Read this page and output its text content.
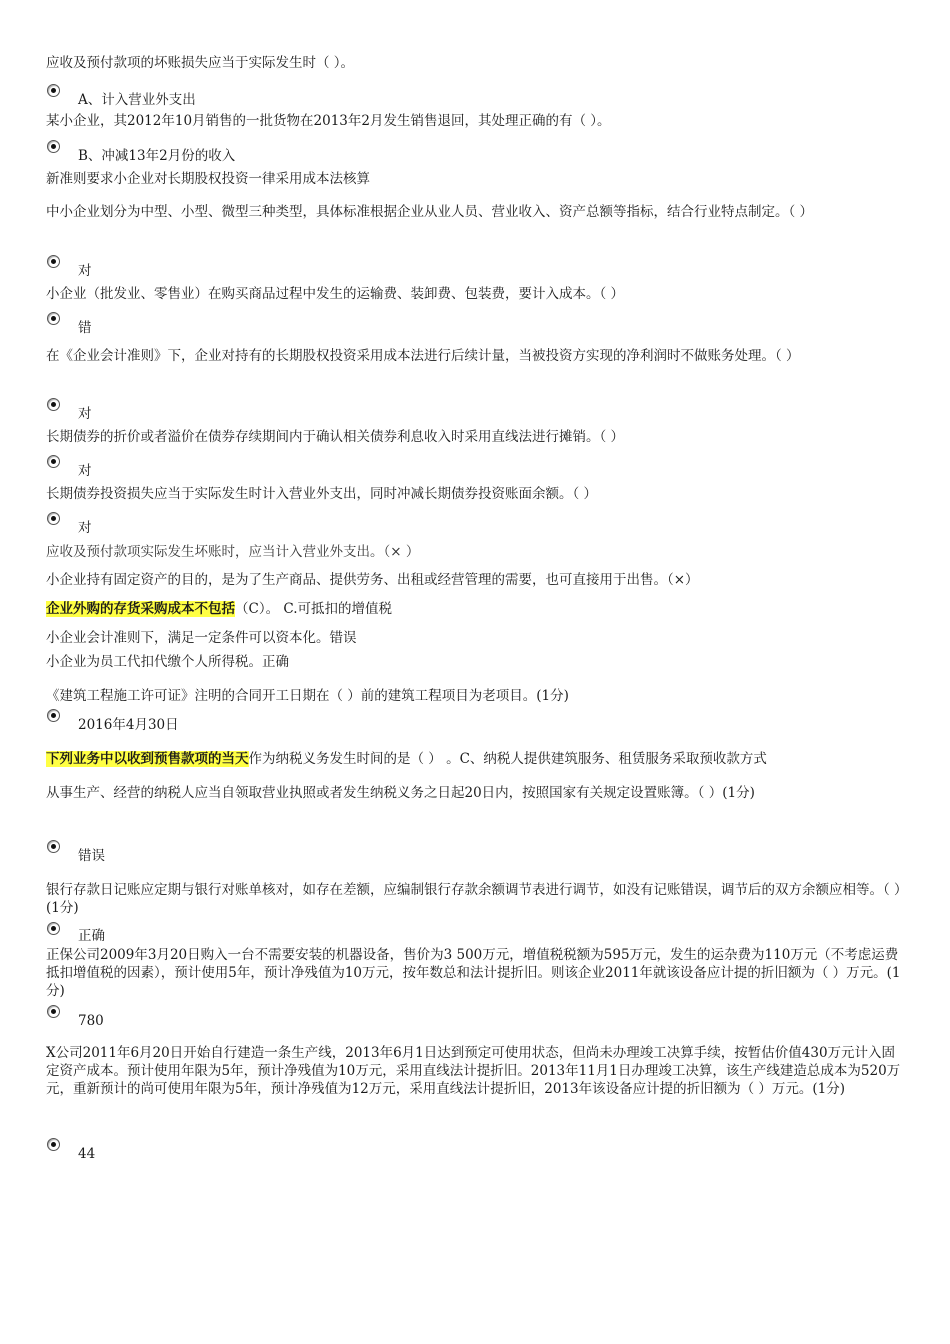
应收及预付款项的坏账损失应当于实际发生时（ ）。
A、计入营业外支出
某小企业，其2012年10月销售的一批货物在2013年2月发生销售退回，其处理正确的有（ ）。
B、冲减13年2月份的收入
新准则要求小企业对长期股权投资一律采用成本法核算
中小企业划分为中型、小型、微型三种类型，具体标准根据企业从业人员、营业收入、资产总额等指标，结合行业特点制定。（ ）
对
小企业（批发业、零售业）在购买商品过程中发生的运输费、装卸费、包装费，要计入成本。（ ）
错
在《企业会计准则》下，企业对持有的长期股权投资采用成本法进行后续计量，当被投资方实现的净利润时不做账务处理。（ ）
对
长期债券的折价或者溢价在债券存续期间内于确认相关债券利息收入时采用直线法进行摊销。（ ）
对
长期债券投资损失应当于实际发生时计入营业外支出，同时冲减长期债券投资账面余额。（ ）
对
应收及预付款项实际发生坏账时，应当计入营业外支出。（× ）
小企业持有固定资产的目的，是为了生产商品、提供劳务、出租或经营管理的需要，也可直接用于出售。（×）
企业外购的存货采购成本不包括（C）。 C.可抵扣的增值税
小企业会计准则下，满足一定条件可以资本化。错误
小企业为员工代扣代缴个人所得税。正确
《建筑工程施工许可证》注明的合同开工日期在（ ）前的建筑工程项目为老项目。(1分)
2016年4月30日
下列业务中以收到预售款项的当天作为纳税义务发生时间的是（ ） 。C、纳税人提供建筑服务、租赁服务采取预收款方式
从事生产、经营的纳税人应当自领取营业执照或者发生纳税义务之日起20日内，按照国家有关规定设置账簿。（ ）(1分)
错误
银行存款日记账应定期与银行对账单核对，如存在差额，应编制银行存款余额调节表进行调节，如没有记账错误，调节后的双方余额应相等。（ ）(1分)
正确
正保公司2009年3月20日购入一台不需要安装的机器设备，售价为3 500万元，增值税税额为595万元，发生的运杂费为110万元（不考虑运费抵扣增值税的因素），预计使用5年，预计净残值为10万元，按年数总和法计提折旧。则该企业2011年就该设备应计提的折旧额为（ ）万元。(1分)
780
X公司2011年6月20日开始自行建造一条生产线，2013年6月1日达到预定可使用状态，但尚未办理竣工决算手续，按暂估价值430万元计入固定资产成本。预计使用年限为5年，预计净残值为10万元，采用直线法计提折旧。2013年11月1日办理竣工决算，该生产线建造总成本为520万元，重新预计的尚可使用年限为5年，预计净残值为12万元，采用直线法计提折旧，2013年该设备应计提的折旧额为（ ）万元。(1分)
44
